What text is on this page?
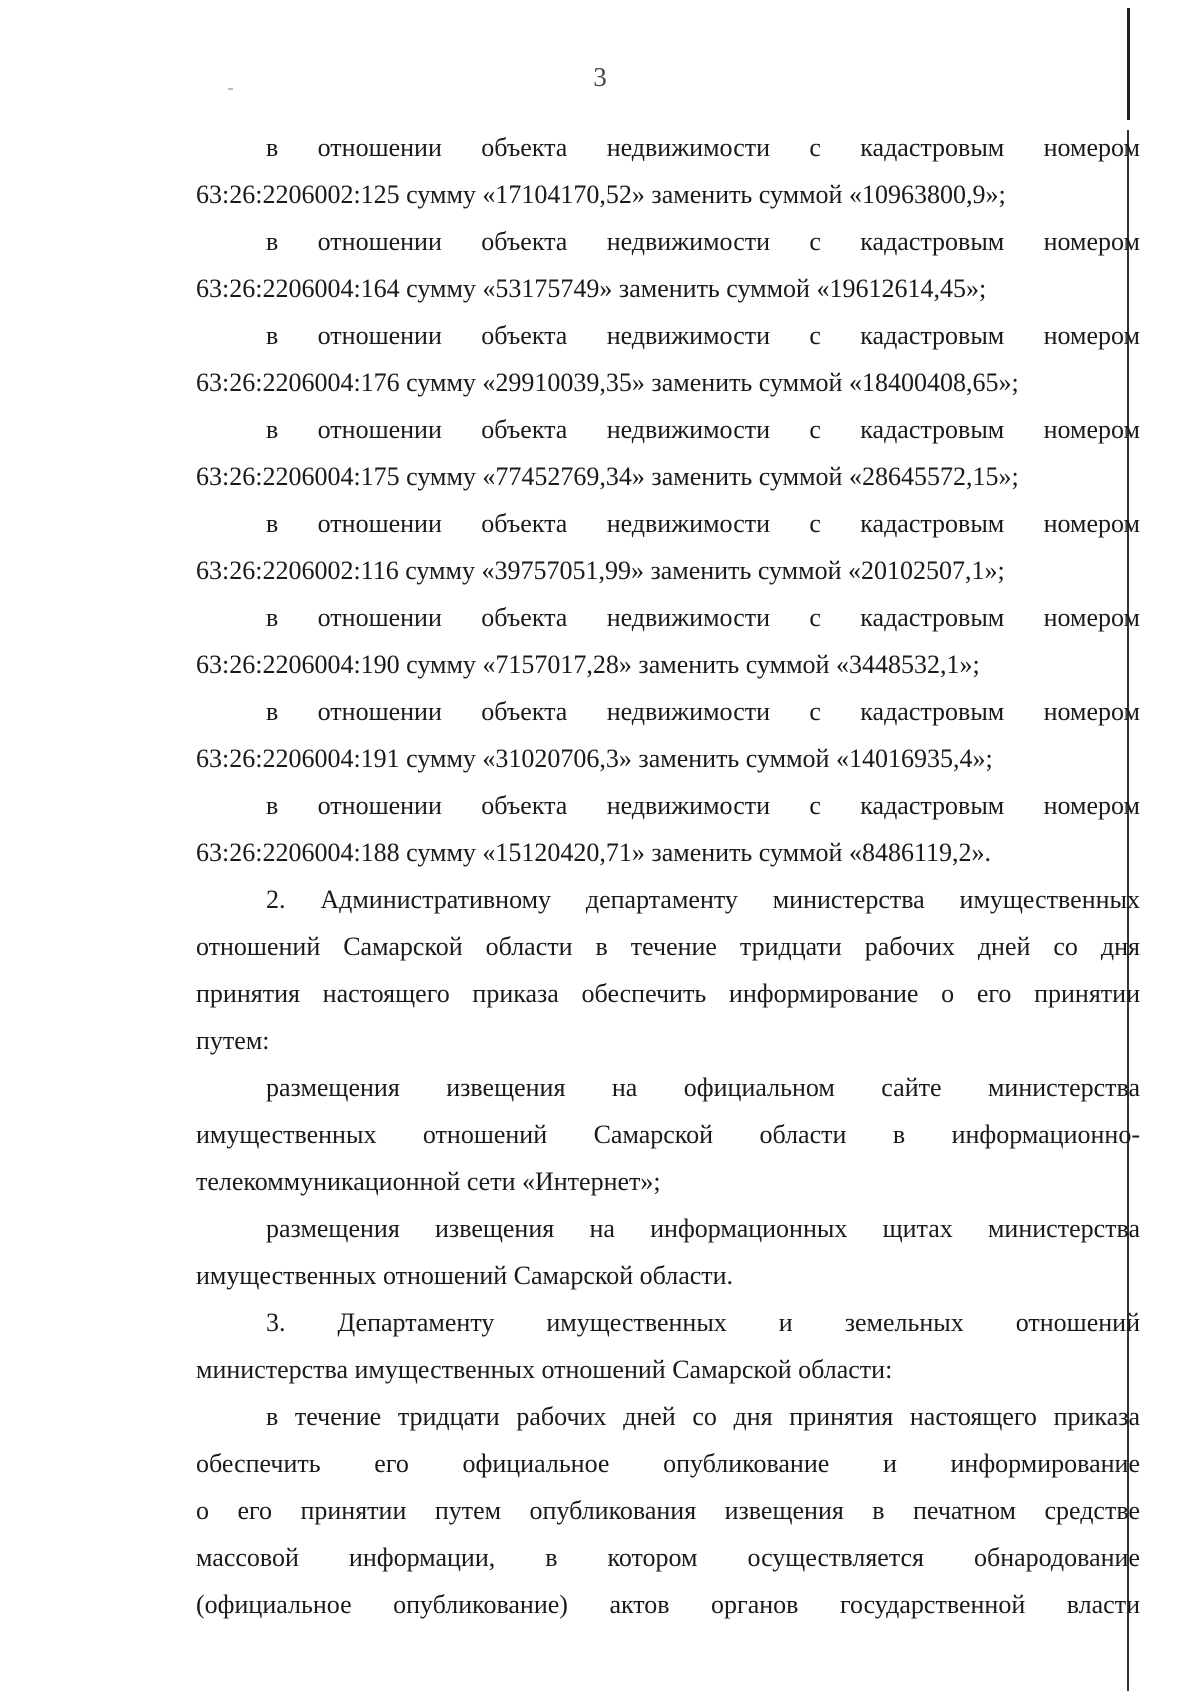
3

в отношении объекта недвижимости с кадастровым номером

63:26:2206002:125 сумму «17104170,52» заменить суммой «10963800,9»;

в отношении объекта недвижимости с кадастровым номером

63:26:2206004:164 сумму «53175749» заменить суммой «19612614,45»;

в отношении объекта недвижимости с кадастровым номером

63:26:2206004:176 сумму «29910039,35» заменить суммой «18400408,65»;

в отношении объекта недвижимости с кадастровым номером

63:26:2206004:175 сумму «77452769,34» заменить суммой «28645572,15»;

в отношении объекта недвижимости с кадастровым номером

63:26:2206002:116 сумму «39757051,99» заменить суммой «20102507,1»;

в отношении объекта недвижимости с кадастровым номером

63:26:2206004:190 сумму «7157017,28» заменить суммой «3448532,1»;

в отношении объекта недвижимости с кадастровым номером

63:26:2206004:191 сумму «31020706,3» заменить суммой «14016935,4»;

в отношении объекта недвижимости с кадастровым номером

63:26:2206004:188 сумму «15120420,71» заменить суммой «8486119,2».

2. Административному департаменту министерства имущественных

отношений Самарской области в течение тридцати рабочих дней со дня

принятия настоящего приказа обеспечить информирование о его принятии

путем:

размещения извещения на официальном сайте министерства

имущественных отношений Самарской области в информационно-

телекоммуникационной сети «Интернет»;

размещения извещения на информационных щитах министерства

имущественных отношений Самарской области.

3. Департаменту имущественных и земельных отношений

министерства имущественных отношений Самарской области:

в течение тридцати рабочих дней со дня принятия настоящего приказа

обеспечить его официальное опубликование и информирование

о его принятии путем опубликования извещения в печатном средстве

массовой информации, в котором осуществляется обнародование

(официальное опубликование) актов органов государственной власти
